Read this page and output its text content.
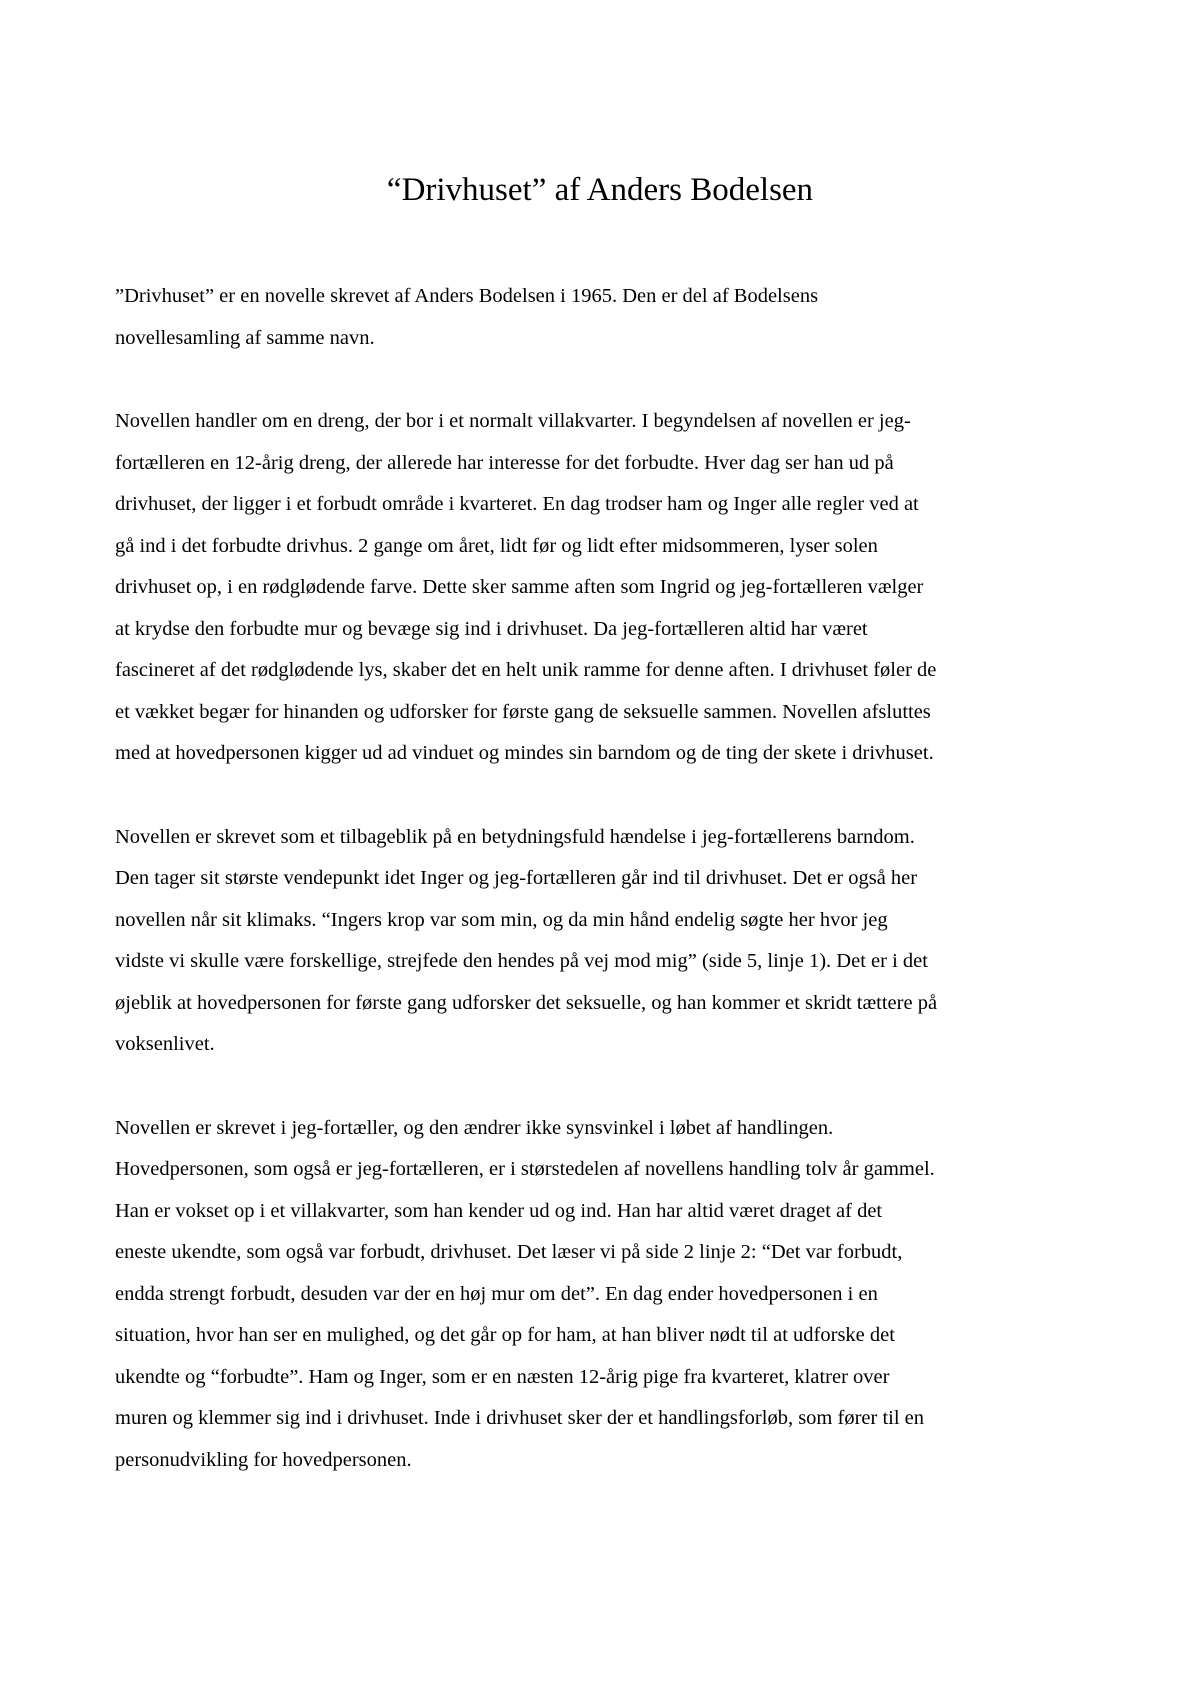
“Drivhuset” af Anders Bodelsen

”Drivhuset” er en novelle skrevet af Anders Bodelsen i 1965. Den er del af Bodelsens
novellesamling af samme navn.

Novellen handler om en dreng, der bor i et normalt villakvarter. I begyndelsen af novellen er jeg-
fortælleren en 12-årig dreng, der allerede har interesse for det forbudte. Hver dag ser han ud på
drivhuset, der ligger i et forbudt område i kvarteret. En dag trodser ham og Inger alle regler ved at
gå ind i det forbudte drivhus. 2 gange om året, lidt før og lidt efter midsommeren, lyser solen
drivhuset op, i en rødglødende farve. Dette sker samme aften som Ingrid og jeg-fortælleren vælger
at krydse den forbudte mur og bevæge sig ind i drivhuset. Da jeg-fortælleren altid har været
fascineret af det rødglødende lys, skaber det en helt unik ramme for denne aften. I drivhuset føler de
et vækket begær for hinanden og udforsker for første gang de seksuelle sammen. Novellen afsluttes
med at hovedpersonen kigger ud ad vinduet og mindes sin barndom og de ting der skete i drivhuset.

Novellen er skrevet som et tilbageblik på en betydningsfuld hændelse i jeg-fortællerens barndom.
Den tager sit største vendepunkt idet Inger og jeg-fortælleren går ind til drivhuset. Det er også her
novellen når sit klimaks. “Ingers krop var som min, og da min hånd endelig søgte her hvor jeg
vidste vi skulle være forskellige, strejfede den hendes på vej mod mig” (side 5, linje 1). Det er i det
øjeblik at hovedpersonen for første gang udforsker det seksuelle, og han kommer et skridt tættere på
voksenlivet.

Novellen er skrevet i jeg-fortæller, og den ændrer ikke synsvinkel i løbet af handlingen.
Hovedpersonen, som også er jeg-fortælleren, er i størstedelen af novellens handling tolv år gammel.
Han er vokset op i et villakvarter, som han kender ud og ind. Han har altid været draget af det
eneste ukendte, som også var forbudt, drivhuset. Det læser vi på side 2 linje 2: “Det var forbudt,
endda strengt forbudt, desuden var der en høj mur om det”. En dag ender hovedpersonen i en
situation, hvor han ser en mulighed, og det går op for ham, at han bliver nødt til at udforske det
ukendte og “forbudte”. Ham og Inger, som er en næsten 12-årig pige fra kvarteret, klatrer over
muren og klemmer sig ind i drivhuset. Inde i drivhuset sker der et handlingsforløb, som fører til en
personudvikling for hovedpersonen.
